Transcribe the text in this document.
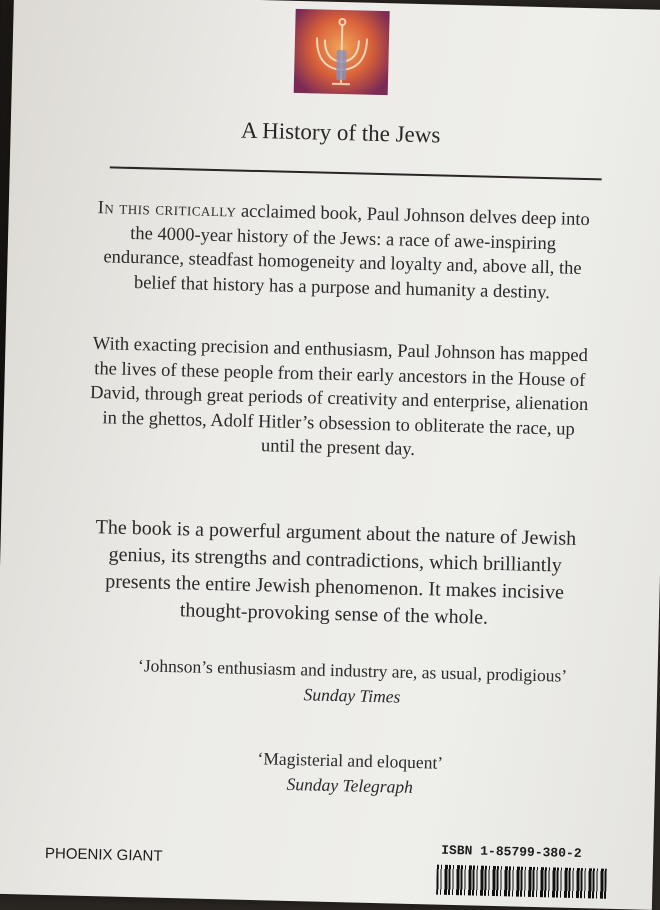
A History of the Jews
In this critically acclaimed book, Paul Johnson delves deep into the 4000-year history of the Jews: a race of awe-inspiring endurance, steadfast homogeneity and loyalty and, above all, the belief that history has a purpose and humanity a destiny.
With exacting precision and enthusiasm, Paul Johnson has mapped the lives of these people from their early ancestors in the House of David, through great periods of creativity and enterprise, alienation in the ghettos, Adolf Hitler’s obsession to obliterate the race, up until the present day.
The book is a powerful argument about the nature of Jewish genius, its strengths and contradictions, which brilliantly presents the entire Jewish phenomenon. It makes incisive thought-provoking sense of the whole.
‘Johnson’s enthusiasm and industry are, as usual, prodigious’
Sunday Times
‘Magisterial and eloquent’
Sunday Telegraph
PHOENIX GIANT	ISBN 1-85799-380-2
